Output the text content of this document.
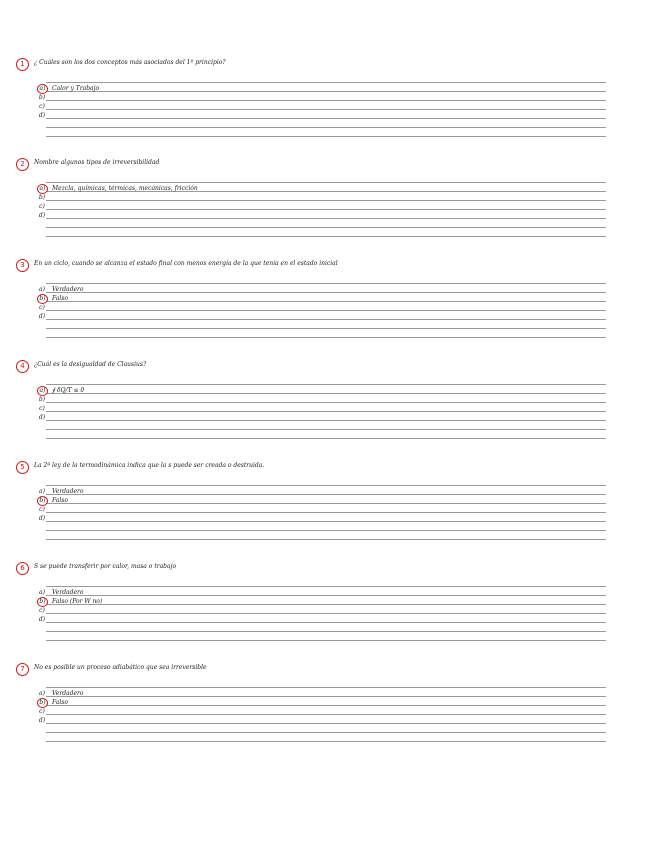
1	¿ Cuáles son los dos conceptos más asociados del 1º principio?
a)
b)
c)
d)
Calor y Trabajo
2	Nombre algunos tipos de irreversibilidad
a)
b)
c)
d)
Mezcla, químicas, térmicas, mecánicas, fricción
3	En un ciclo, cuando se alcanza el estado final con menos energía de la que tenía en el estado inicial
a)
b)
c)
d)
Verdadero
Falso
4	¿Cuál es la desigualdad de Clausius?
a)
b)
c)
d)
∮ δQ/T ≤ 0
5	La 2ª ley de la termodinámica indica que la s puede ser creada o destruida.
a)
b)
c)
d)
Verdadero
Falso
6	S se puede transferir por calor, masa o trabajo
a)
b)
c)
d)
Verdadero
Falso (Por W no)
7	No es posible un proceso adiabático que sea irreversible
a)
b)
c)
d)
Verdadero
Falso
